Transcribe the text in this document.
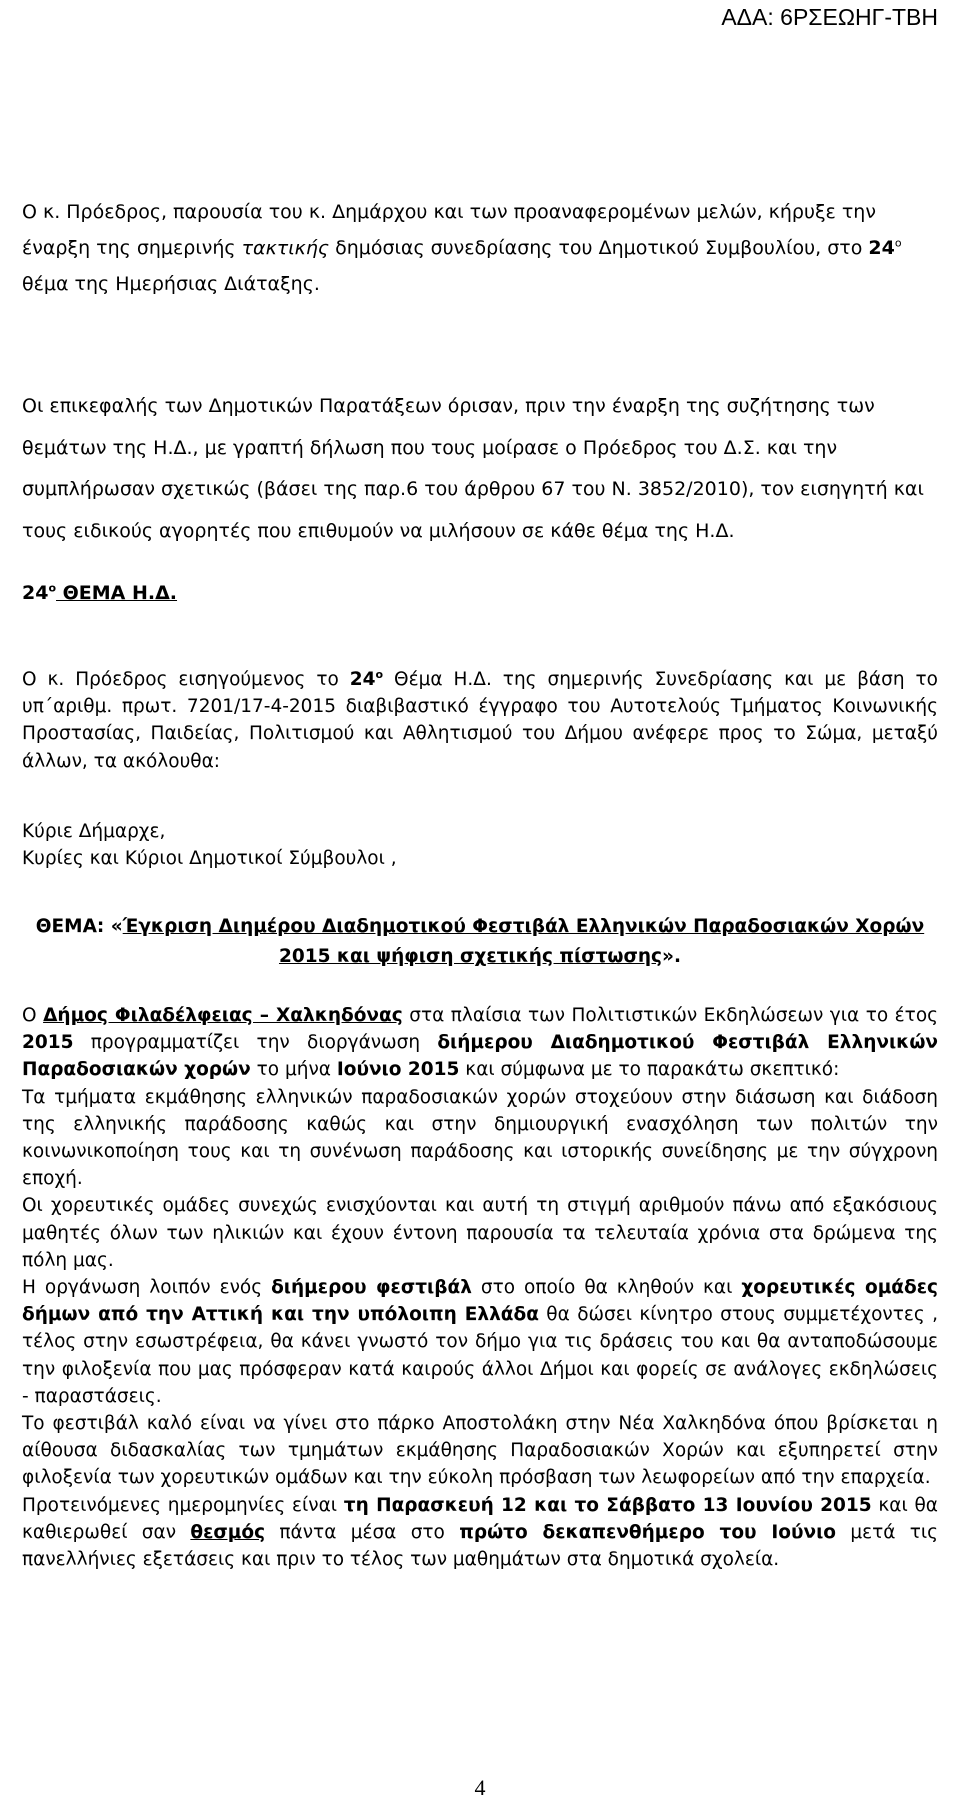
ΑΔΑ: 6ΡΣΕΩΗΓ-ΤΒΗ

Ο κ. Πρόεδρος, παρουσία του κ. Δημάρχου και των προαναφερομένων μελών, κήρυξε την έναρξη της σημερινής τακτικής δημόσιας συνεδρίασης του Δημοτικού Συμβουλίου, στο $24^o$ θέμα της Ημερήσιας Διάταξης.

Οι επικεφαλής των Δημοτικών Παρατάξεων όρισαν, πριν την έναρξη της συζήτησης των θεμάτων της Η.Δ., με γραπτή δήλωση που τους μοίρασε ο Πρόεδρος του Δ.Σ. και την συμπλήρωσαν σχετικώς (βάσει της παρ.6 του άρθρου 67 του Ν. 3852/2010), τον εισηγητή και τους ειδικούς αγορητές που επιθυμούν να μιλήσουν σε κάθε θέμα της Η.Δ.

$24^o$ ΘΕΜΑ Η.Δ.

Ο κ. Πρόεδρος εισηγούμενος το $24^o$ Θέμα Η.Δ. της σημερινής Συνεδρίασης και με βάση το υπ΄αριθμ. πρωτ. 7201/17-4-2015 διαβιβαστικό έγγραφο του Αυτοτελούς Τμήματος Κοινωνικής Προστασίας, Παιδείας, Πολιτισμού και Αθλητισμού του Δήμου ανέφερε προς το Σώμα, μεταξύ άλλων, τα ακόλουθα:

Κύριε Δήμαρχε,
Κυρίες και Κύριοι Δημοτικοί Σύμβουλοι ,

ΘΕΜΑ: «Έγκριση Διημέρου Διαδημοτικού Φεστιβάλ Ελληνικών Παραδοσιακών Χορών 2015 και ψήφιση σχετικής πίστωσης».

Ο Δήμος Φιλαδέλφειας – Χαλκηδόνας στα πλαίσια των Πολιτιστικών Εκδηλώσεων για το έτος 2015 προγραμματίζει την διοργάνωση διήμερου Διαδημοτικού Φεστιβάλ Ελληνικών Παραδοσιακών χορών το μήνα Ιούνιο 2015 και σύμφωνα με το παρακάτω σκεπτικό:
Τα τμήματα εκμάθησης ελληνικών παραδοσιακών χορών στοχεύουν στην διάσωση και διάδοση της ελληνικής παράδοσης καθώς και στην δημιουργική ενασχόληση των πολιτών την κοινωνικοποίηση τους και τη συνένωση παράδοσης και ιστορικής συνείδησης με την σύγχρονη εποχή.
Οι χορευτικές ομάδες συνεχώς ενισχύονται και αυτή τη στιγμή αριθμούν πάνω από εξακόσιους μαθητές όλων των ηλικιών και έχουν έντονη παρουσία τα τελευταία χρόνια στα δρώμενα της πόλη μας.
Η οργάνωση λοιπόν ενός διήμερου φεστιβάλ στο οποίο θα κληθούν και χορευτικές ομάδες δήμων από την Αττική και την υπόλοιπη Ελλάδα θα δώσει κίνητρο στους συμμετέχοντες , τέλος στην εσωστρέφεια, θα κάνει γνωστό τον δήμο για τις δράσεις του και θα ανταποδώσουμε την φιλοξενία που μας πρόσφεραν κατά καιρούς άλλοι Δήμοι και φορείς σε ανάλογες εκδηλώσεις - παραστάσεις.
Το φεστιβάλ καλό είναι να γίνει στο πάρκο Αποστολάκη στην Νέα Χαλκηδόνα όπου βρίσκεται η αίθουσα διδασκαλίας των τμημάτων εκμάθησης Παραδοσιακών Χορών και εξυπηρετεί στην φιλοξενία των χορευτικών ομάδων και την εύκολη πρόσβαση των λεωφορείων από την επαρχεία.
Προτεινόμενες ημερομηνίες είναι τη Παρασκευή 12 και το Σάββατο 13 Ιουνίου 2015 και θα καθιερωθεί σαν θεσμός πάντα μέσα στο πρώτο δεκαπενθήμερο του Ιούνιο μετά τις πανελλήνιες εξετάσεις και πριν το τέλος των μαθημάτων στα δημοτικά σχολεία.
4
